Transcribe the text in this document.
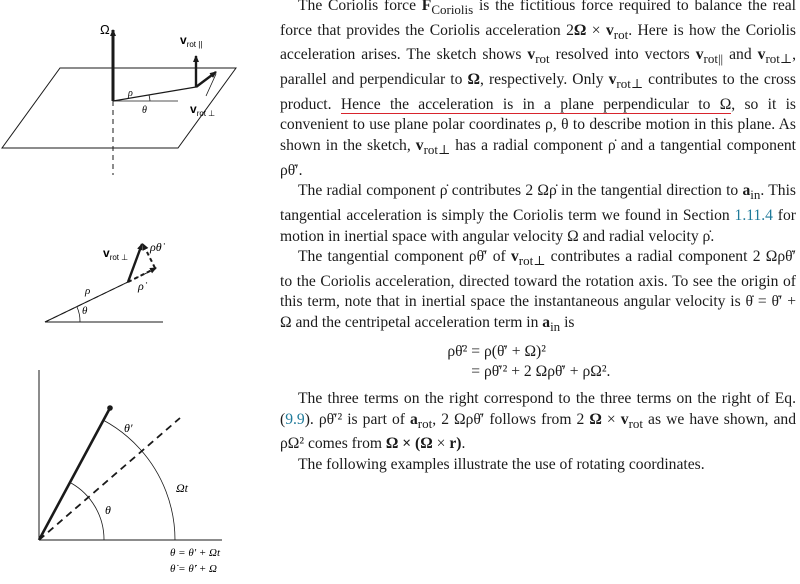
Ω
ρ
θ
$v_{rot ||}$
$v_{rot \perp}$
θ
ρ
$v_{rot \perp}$
ρθ̇
ρ̇
θ′
Ωt
θ
θ = θ′ + Ωt
θ̇ = θ̇′ + Ω

The Coriolis force $F_{Coriolis}$ is the fictitious force required to balance the real force that provides the Coriolis acceleration $2\Omega \times v_{rot}$. Here is how the Coriolis acceleration arises. The sketch shows $v_{rot}$ resolved into vectors $v_{rot||}$ and $v_{rot\perp}$, parallel and perpendicular to Ω, respectively. Only $v_{rot\perp}$ contributes to the cross product. Hence the acceleration is in a plane perpendicular to Ω, so it is convenient to use plane polar coordinates ρ, θ to describe motion in this plane. As shown in the sketch, $v_{rot\perp}$ has a radial component ρ̇ and a tangential component ρθ̇′.

The radial component ρ̇ contributes 2 Ωρ̇ in the tangential direction to $a_{in}$. This tangential acceleration is simply the Coriolis term we found in Section 1.11.4 for motion in inertial space with angular velocity Ω and radial velocity ρ̇.

The tangential component ρθ̇′ of $v_{rot\perp}$ contributes a radial component 2 Ωρθ̇′ to the Coriolis acceleration, directed toward the rotation axis. To see the origin of this term, note that in inertial space the instantaneous angular velocity is θ̇ = θ̇′ + Ω and the centripetal acceleration term in $a_{in}$ is

ρθ̇² = ρ(θ̇′ + Ω)²
= ρθ̇′² + 2 Ωρθ̇′ + ρΩ².

The three terms on the right correspond to the three terms on the right of Eq. (9.9). ρθ̇′² is part of $a_{rot}$, 2 Ωρθ̇′ follows from 2 $\Omega \times v_{rot}$ as we have shown, and ρΩ² comes from Ω × (Ω × r).

The following examples illustrate the use of rotating coordinates.
